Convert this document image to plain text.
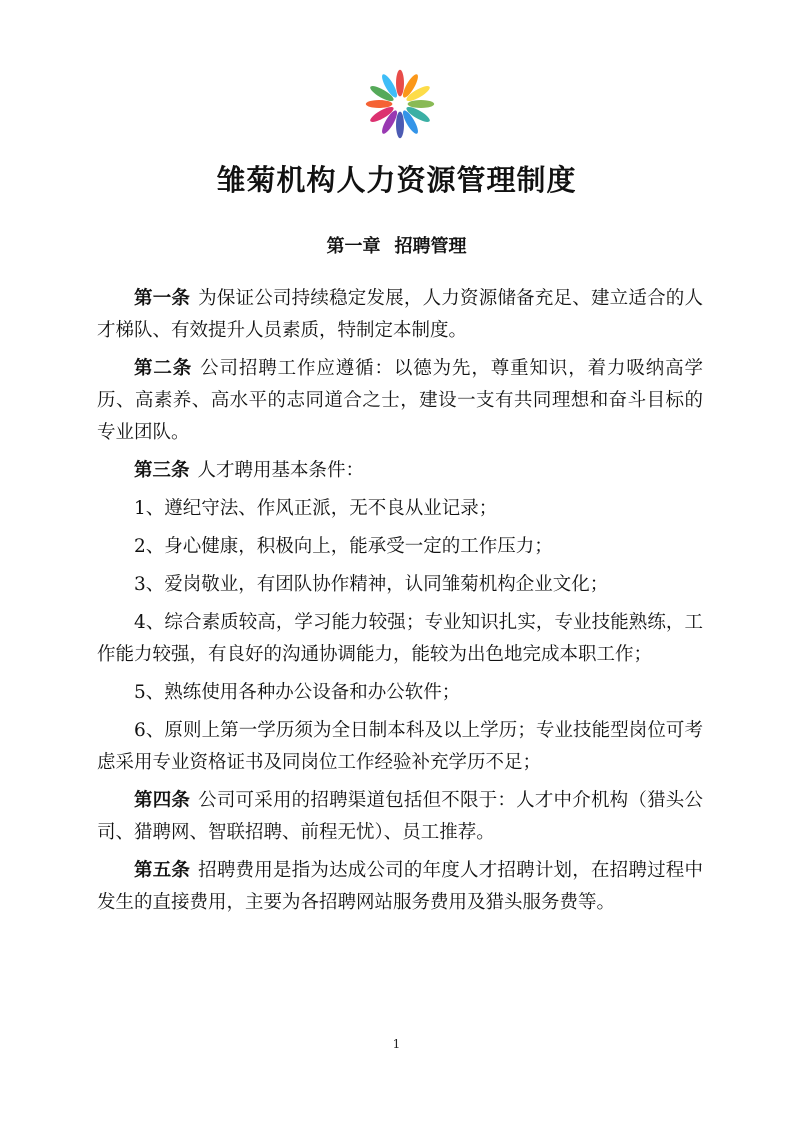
雏菊机构人力资源管理制度
第一章 招聘管理

第一条 为保证公司持续稳定发展，人力资源储备充足、建立适合的人才梯队、有效提升人员素质，特制定本制度。

第二条 公司招聘工作应遵循：以德为先，尊重知识，着力吸纳高学历、高素养、高水平的志同道合之士，建设一支有共同理想和奋斗目标的专业团队。

第三条 人才聘用基本条件：

1、遵纪守法、作风正派，无不良从业记录；

2、身心健康，积极向上，能承受一定的工作压力；

3、爱岗敬业，有团队协作精神，认同雏菊机构企业文化；

4、综合素质较高，学习能力较强；专业知识扎实，专业技能熟练，工作能力较强，有良好的沟通协调能力，能较为出色地完成本职工作；

5、熟练使用各种办公设备和办公软件；

6、原则上第一学历须为全日制本科及以上学历；专业技能型岗位可考虑采用专业资格证书及同岗位工作经验补充学历不足；

第四条 公司可采用的招聘渠道包括但不限于：人才中介机构（猎头公司、猎聘网、智联招聘、前程无忧）、员工推荐。

第五条 招聘费用是指为达成公司的年度人才招聘计划，在招聘过程中发生的直接费用，主要为各招聘网站服务费用及猎头服务费等。

1
